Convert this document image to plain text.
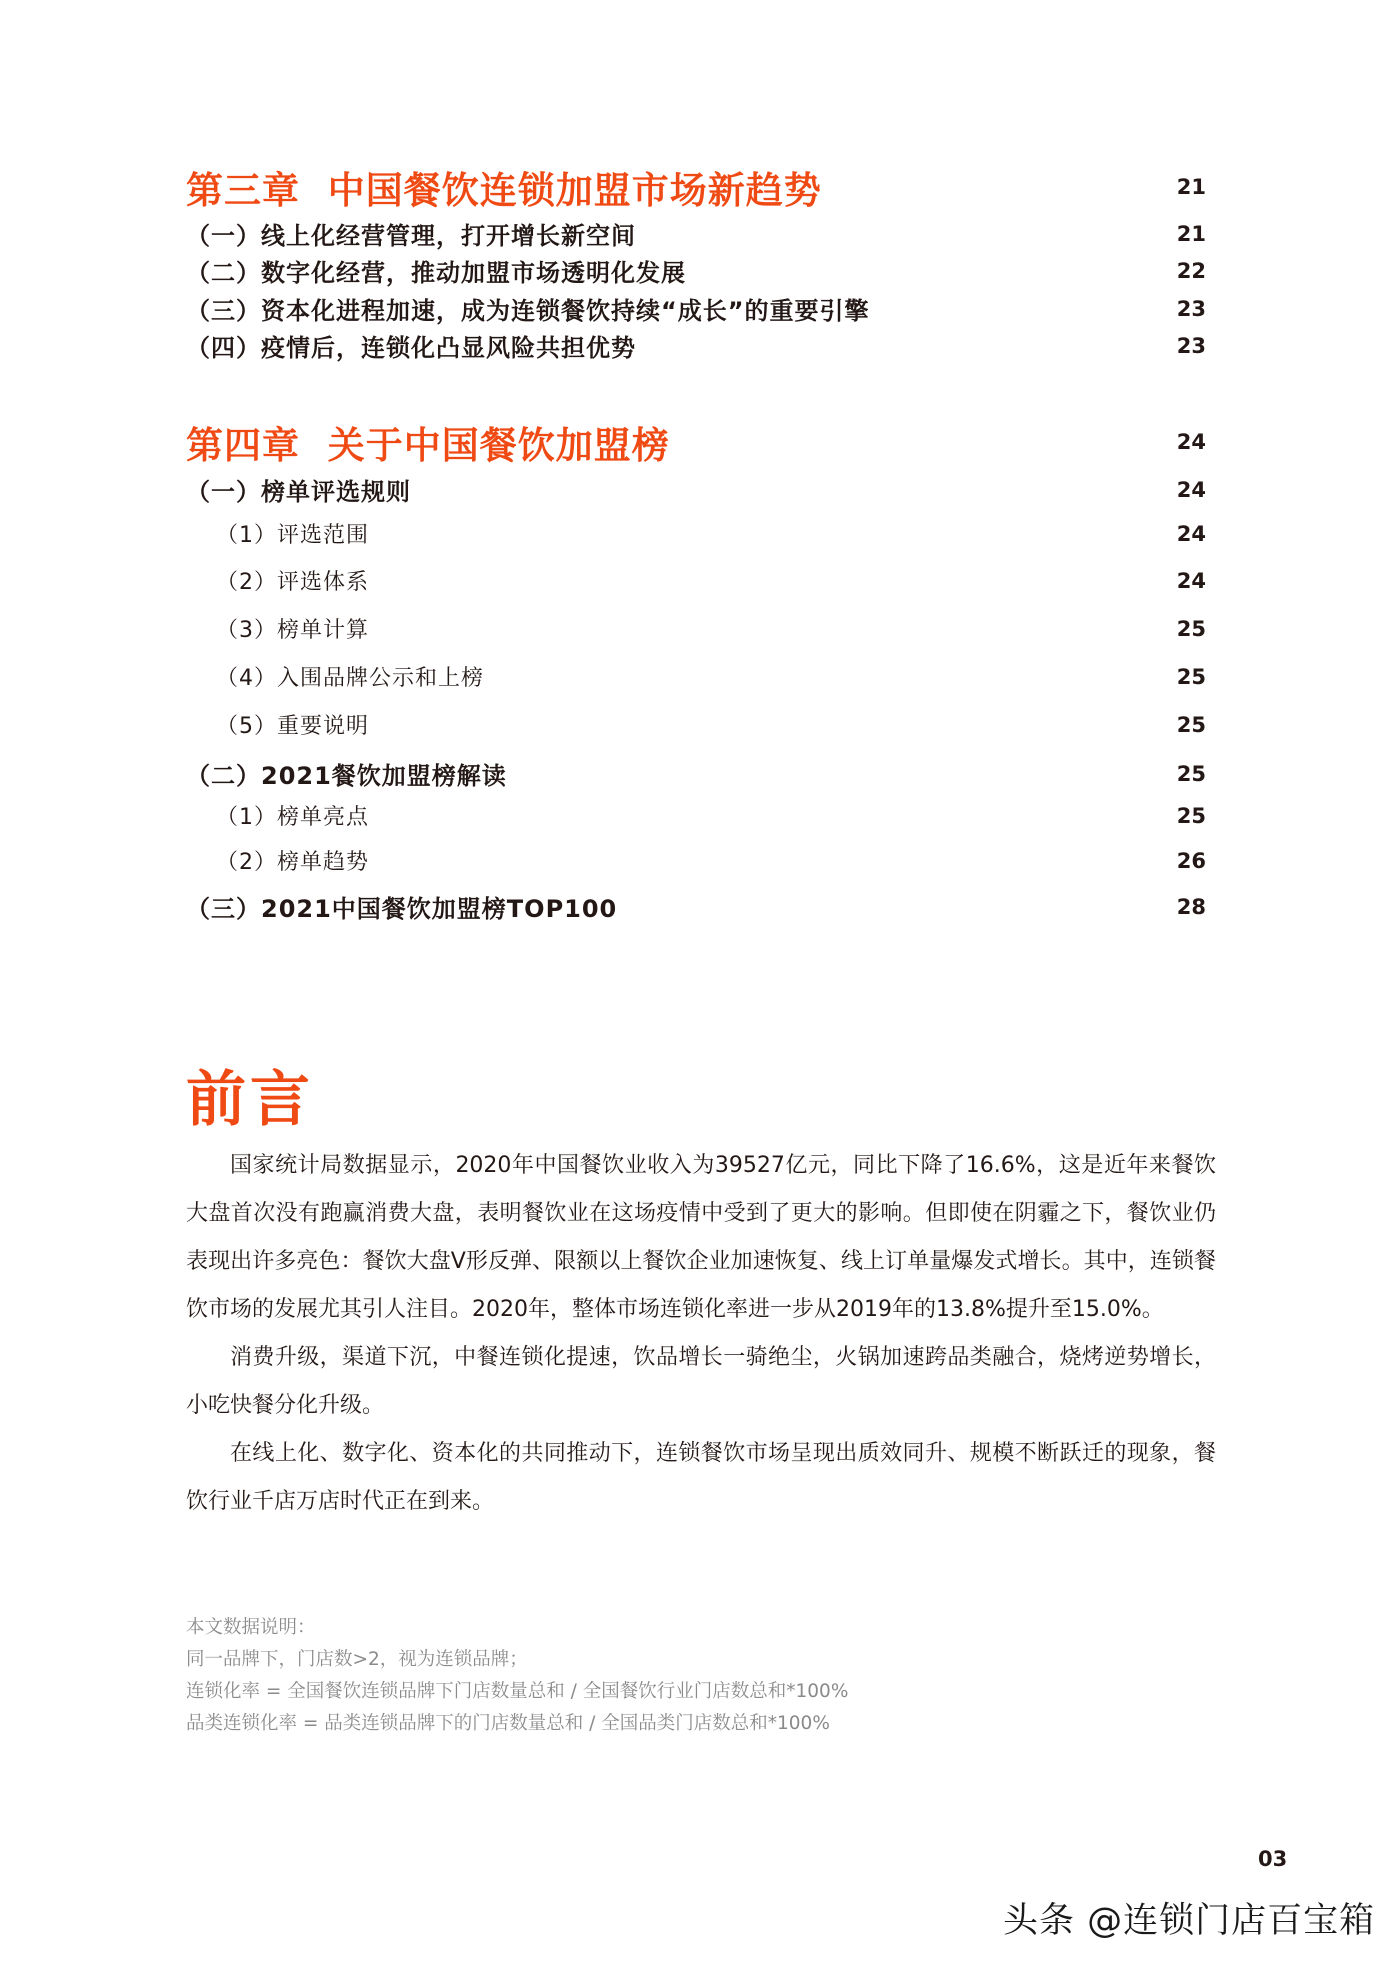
第三章  中国餐饮连锁加盟市场新趋势	21
（一）线上化经营管理，打开增长新空间	21
（二）数字化经营，推动加盟市场透明化发展	22
（三）资本化进程加速，成为连锁餐饮持续“成长”的重要引擎	23
（四）疫情后，连锁化凸显风险共担优势	23
第四章  关于中国餐饮加盟榜	24
（一）榜单评选规则	24
（1）评选范围	24
（2）评选体系	24
（3）榜单计算	25
（4）入围品牌公示和上榜	25
（5）重要说明	25
（二）2021餐饮加盟榜解读	25
（1）榜单亮点	25
（2）榜单趋势	26
（三）2021中国餐饮加盟榜TOP100	28
前言

国家统计局数据显示，2020年中国餐饮业收入为39527亿元，同比下降了16.6%，这是近年来餐饮大盘首次没有跑赢消费大盘，表明餐饮业在这场疫情中受到了更大的影响。但即使在阴霾之下，餐饮业仍表现出许多亮色：餐饮大盘V形反弹、限额以上餐饮企业加速恢复、线上订单量爆发式增长。其中，连锁餐饮市场的发展尤其引人注目。2020年，整体市场连锁化率进一步从2019年的13.8%提升至15.0%。

消费升级，渠道下沉，中餐连锁化提速，饮品增长一骑绝尘，火锅加速跨品类融合，烧烤逆势增长，小吃快餐分化升级。

在线上化、数字化、资本化的共同推动下，连锁餐饮市场呈现出质效同升、规模不断跃迁的现象，餐饮行业千店万店时代正在到来。

本文数据说明：
同一品牌下，门店数>2，视为连锁品牌；
连锁化率 = 全国餐饮连锁品牌下门店数量总和 / 全国餐饮行业门店数总和*100%
品类连锁化率 = 品类连锁品牌下的门店数量总和 / 全国品类门店数总和*100%
03
头条 @连锁门店百宝箱
